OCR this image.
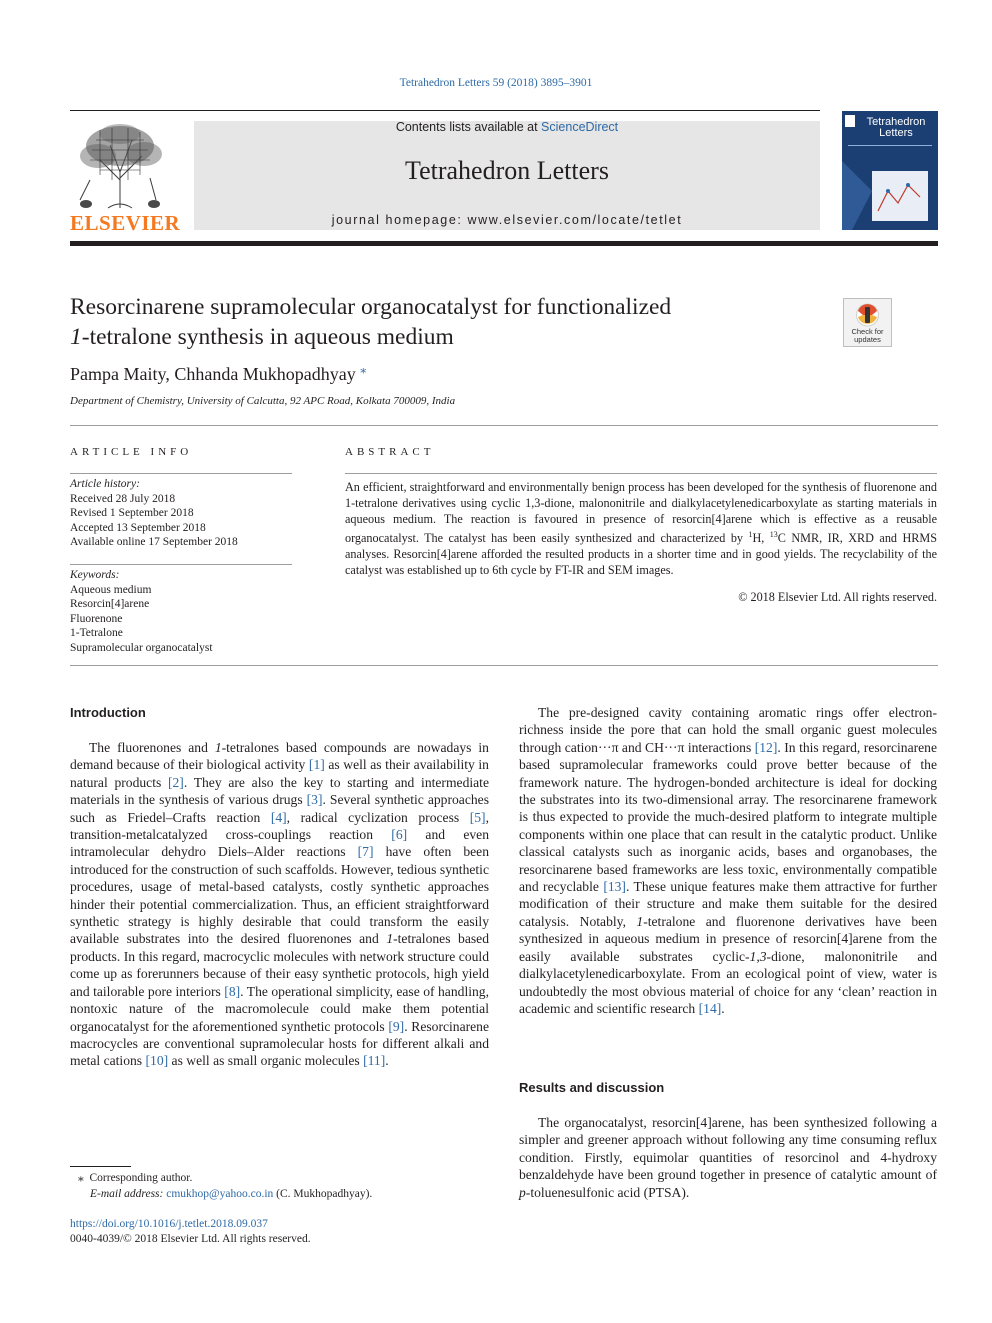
Tetrahedron Letters 59 (2018) 3895–3901
ELSEVIER
Contents lists available at ScienceDirect
Tetrahedron Letters
journal homepage: www.elsevier.com/locate/tetlet
Tetrahedron
Letters
Resorcinarene supramolecular organocatalyst for functionalized
1-tetralone synthesis in aqueous medium	Check for updates
Pampa Maity, Chhanda Mukhopadhyay ⁎
Department of Chemistry, University of Calcutta, 92 APC Road, Kolkata 700009, India
ARTICLE INFO
Article history:
Received 28 July 2018
Revised 1 September 2018
Accepted 13 September 2018
Available online 17 September 2018
Keywords:
Aqueous medium
Resorcin[4]arene
Fluorenone
1-Tetralone
Supramolecular organocatalyst
ABSTRACT
An efficient, straightforward and environmentally benign process has been developed for the synthesis of fluorenone and 1-tetralone derivatives using cyclic 1,3-dione, malononitrile and dialkylacetylenedicarboxylate as starting materials in aqueous medium. The reaction is favoured in presence of resorcin[4]arene which is effective as a reusable organocatalyst. The catalyst has been easily synthesized and characterized by $^1$H, $^{13}$C NMR, IR, XRD and HRMS analyses. Resorcin[4]arene afforded the resulted products in a shorter time and in good yields. The recyclability of the catalyst was established up to 6th cycle by FT-IR and SEM images.
© 2018 Elsevier Ltd. All rights reserved.
Introduction

The fluorenones and 1-tetralones based compounds are nowadays in demand because of their biological activity [1] as well as their availability in natural products [2]. They are also the key to starting and intermediate materials in the synthesis of various drugs [3]. Several synthetic approaches such as Friedel–Crafts reaction [4], radical cyclization process [5], transition-metalcatalyzed cross-couplings reaction [6] and even intramolecular dehydro Diels–Alder reactions [7] have often been introduced for the construction of such scaffolds. However, tedious synthetic procedures, usage of metal-based catalysts, costly synthetic approaches hinder their potential commercialization. Thus, an efficient straightforward synthetic strategy is highly desirable that could transform the easily available substrates into the desired fluorenones and 1-tetralones based products. In this regard, macrocyclic molecules with network structure could come up as forerunners because of their easy synthetic protocols, high yield and tailorable pore interiors [8]. The operational simplicity, ease of handling, nontoxic nature of the macromolecule could make them potential organocatalyst for the aforementioned synthetic protocols [9]. Resorcinarene macrocycles are conventional supramolecular hosts for different alkali and metal cations [10] as well as small organic molecules [11].

⁎ Corresponding author.
E-mail address: cmukhop@yahoo.co.in (C. Mukhopadhyay).
https://doi.org/10.1016/j.tetlet.2018.09.037
0040-4039/© 2018 Elsevier Ltd. All rights reserved.

The pre-designed cavity containing aromatic rings offer electron-richness inside the pore that can hold the small organic guest molecules through cation···π and CH···π interactions [12]. In this regard, resorcinarene based supramolecular frameworks could prove better because of the framework nature. The hydrogen-bonded architecture is ideal for docking the substrates into its two-dimensional array. The resorcinarene framework is thus expected to provide the much-desired platform to integrate multiple components within one place that can result in the catalytic product. Unlike classical catalysts such as inorganic acids, bases and organobases, the resorcinarene based frameworks are less toxic, environmentally compatible and recyclable [13]. These unique features make them attractive for further modification of their structure and make them suitable for the desired catalysis. Notably, 1-tetralone and fluorenone derivatives have been synthesized in aqueous medium in presence of resorcin[4]arene from the easily available substrates cyclic-1,3-dione, malononitrile and dialkylacetylenedicarboxylate. From an ecological point of view, water is undoubtedly the most obvious material of choice for any ‘clean’ reaction in academic and scientific research [14].

Results and discussion

The organocatalyst, resorcin[4]arene, has been synthesized following a simpler and greener approach without following any time consuming reflux condition. Firstly, equimolar quantities of resorcinol and 4-hydroxy benzaldehyde have been ground together in presence of catalytic amount of p-toluenesulfonic acid (PTSA).
